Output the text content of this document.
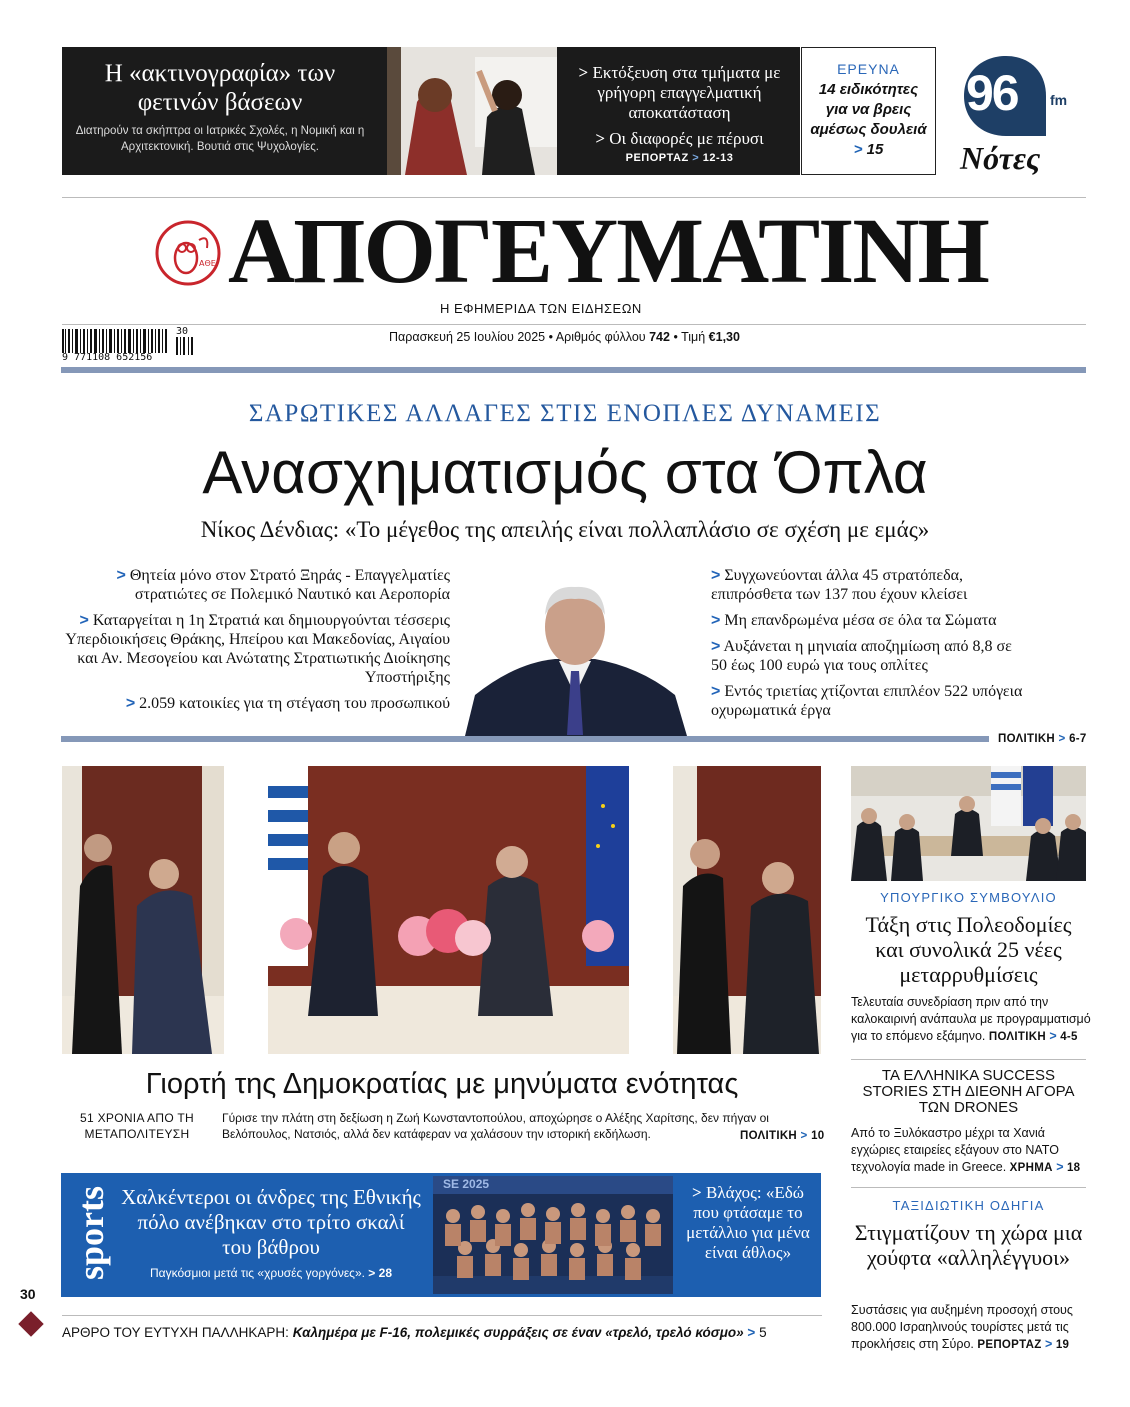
Η «ακτινογραφία» των φετινών βάσεων

Διατηρούν τα σκήπτρα οι Ιατρικές Σχολές, η Νομική και η Αρχιτεκτονική. Βουτιά στις Ψυχολογίες.

> Εκτόξευση στα τμήματα με γρήγορη επαγγελματική αποκατάσταση
> Οι διαφορές με πέρυσι
ΡΕΠΟΡΤΑΖ > 12-13
ΕΡΕΥΝΑ
14 ειδικότητες για να βρεις αμέσως δουλειά > 15
96 fm
Νότες
ΑΘΕ ΑΠΟΓΕΥΜΑΤΙΝΗ
Η ΕΦΗΜΕΡΙΔΑ ΤΩΝ ΕΙΔΗΣΕΩΝ
9 771108 652156
30	Παρασκευή 25 Ιουλίου 2025 • Αριθμός φύλλου 742 • Τιμή €1,30
ΣΑΡΩΤΙΚΕΣ ΑΛΛΑΓΕΣ ΣΤΙΣ ΕΝΟΠΛΕΣ ΔΥΝΑΜΕΙΣ
Ανασχηματισμός στα Όπλα
Νίκος Δένδιας: «Το μέγεθος της απειλής είναι πολλαπλάσιο σε σχέση με εμάς»
> Θητεία μόνο στον Στρατό Ξηράς - Επαγγελματίες στρατιώτες σε Πολεμικό Ναυτικό και Αεροπορία
> Καταργείται η 1η Στρατιά και δημιουργούνται τέσσερις Υπερδιοικήσεις Θράκης, Ηπείρου και Μακεδονίας, Αιγαίου και Αν. Μεσογείου και Ανώτατης Στρατιωτικής Διοίκησης Υποστήριξης
> 2.059 κατοικίες για τη στέγαση του προσωπικού
> Συγχωνεύονται άλλα 45 στρατόπεδα, επιπρόσθετα των 137 που έχουν κλείσει
> Μη επανδρωμένα μέσα σε όλα τα Σώματα
> Αυξάνεται η μηνιαία αποζημίωση από 8,8 σε 50 έως 100 ευρώ για τους οπλίτες
> Εντός τριετίας χτίζονται επιπλέον 522 υπόγεια οχυρωματικά έργα
ΠΟΛΙΤΙΚΗ > 6-7
Γιορτή της Δημοκρατίας με μηνύματα ενότητας
51 ΧΡΟΝΙΑ ΑΠΟ ΤΗ ΜΕΤΑΠΟΛΙΤΕΥΣΗ
Γύρισε την πλάτη στη δεξίωση η Ζωή Κωνσταντοπούλου, αποχώρησε ο Αλέξης Χαρίτσης, δεν πήγαν οι Βελόπουλος, Νατσιός, αλλά δεν κατάφεραν να χαλάσουν την ιστορική εκδήλωση.	ΠΟΛΙΤΙΚΗ > 10
sports Χαλκέντεροι οι άνδρες της Εθνικής πόλο ανέβηκαν στο τρίτο σκαλί του βάθρου
Παγκόσμιοι μετά τις «χρυσές γοργόνες». > 28
SE 2025	> Βλάχος: «Εδώ που φτάσαμε το μετάλλιο για μένα είναι άθλος»
30
ΑΡΘΡΟ ΤΟΥ ΕΥΤΥΧΗ ΠΑΛΛΗΚΑΡΗ: Καλημέρα με F-16, πολεμικές συρράξεις σε έναν «τρελό, τρελό κόσμο» > 5
ΥΠΟΥΡΓΙΚΟ ΣΥΜΒΟΥΛΙΟ
Τάξη στις Πολεοδομίες και συνολικά 25 νέες μεταρρυθμίσεις
Τελευταία συνεδρίαση πριν από την καλοκαιρινή ανάπαυλα με προγραμματισμό για το επόμενο εξάμηνο. ΠΟΛΙΤΙΚΗ > 4-5
ΤΑ ΕΛΛΗΝΙΚΑ SUCCESS STORIES ΣΤΗ ΔΙΕΘΝΗ ΑΓΟΡΑ ΤΩΝ DRONES
Από το Ξυλόκαστρο μέχρι τα Χανιά εγχώριες εταιρείες εξάγουν στο ΝΑΤΟ τεχνολογία made in Greece. ΧΡΗΜΑ > 18
ΤΑΞΙΔΙΩΤΙΚΗ ΟΔΗΓΙΑ
Στιγματίζουν τη χώρα μια χούφτα «αλληλέγγυοι»
Συστάσεις για αυξημένη προσοχή στους 800.000 Ισραηλινούς τουρίστες μετά τις προκλήσεις στη Σύρο. ΡΕΠΟΡΤΑΖ > 19
